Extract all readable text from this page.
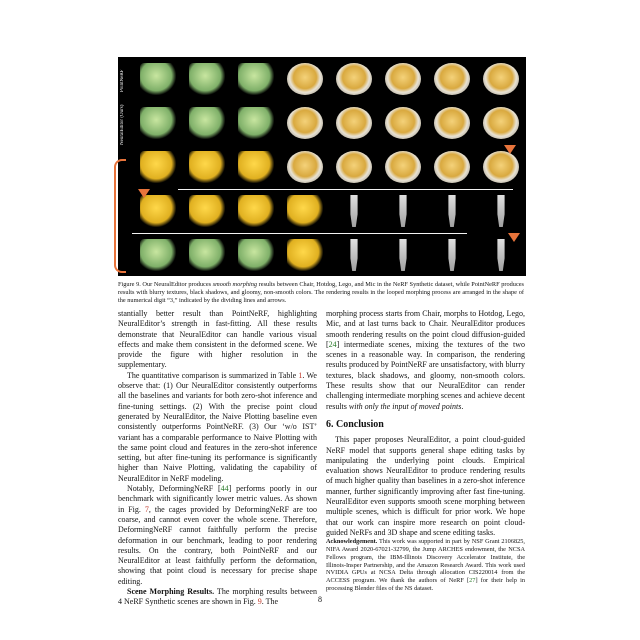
PointNeRF
NeuralEditor (Ours)
Figure 9. Our NeuralEditor produces smooth morphing results between Chair, Hotdog, Lego, and Mic in the NeRF Synthetic dataset, while PointNeRF produces results with blurry textures, black shadows, and gloomy, non-smooth colors. The rendering results in the looped morphing process are arranged in the shape of the numerical digit “3,” indicated by the dividing lines and arrows.

stantially better result than PointNeRF, highlighting NeuralEditor’s strength in fast-fitting. All these results demonstrate that NeuralEditor can handle various visual effects and make them consistent in the deformed scene. We provide the figure with higher resolution in the supplementary.

The quantitative comparison is summarized in Table 1. We observe that: (1) Our NeuralEditor consistently outperforms all the baselines and variants for both zero-shot inference and fine-tuning settings. (2) With the precise point cloud generated by NeuralEditor, the Naive Plotting baseline even consistently outperforms PointNeRF. (3) Our ‘w/o IST’ variant has a comparable performance to Naive Plotting with the same point cloud and features in the zero-shot inference setting, but after fine-tuning its performance is significantly higher than Naive Plotting, validating the capability of NeuralEditor in NeRF modeling.

Notably, DeformingNeRF [44] performs poorly in our benchmark with significantly lower metric values. As shown in Fig. 7, the cages provided by DeformingNeRF are too coarse, and cannot even cover the whole scene. Therefore, DeformingNeRF cannot faithfully perform the precise deformation in our benchmark, leading to poor rendering results. On the contrary, both PointNeRF and our NeuralEditor at least faithfully perform the deformation, showing that point cloud is necessary for precise shape editing.

Scene Morphing Results. The morphing results between 4 NeRF Synthetic scenes are shown in Fig. 9. The

morphing process starts from Chair, morphs to Hotdog, Lego, Mic, and at last turns back to Chair. NeuralEditor produces smooth rendering results on the point cloud diffusion-guided [24] intermediate scenes, mixing the textures of the two scenes in a reasonable way. In comparison, the rendering results produced by PointNeRF are unsatisfactory, with blurry textures, black shadows, and gloomy, non-smooth colors. These results show that our NeuralEditor can render challenging intermediate morphing scenes and achieve decent results with only the input of moved points.

6. Conclusion

This paper proposes NeuralEditor, a point cloud-guided NeRF model that supports general shape editing tasks by manipulating the underlying point clouds. Empirical evaluation shows NeuralEditor to produce rendering results of much higher quality than baselines in a zero-shot inference manner, further significantly improving after fast fine-tuning. NeuralEditor even supports smooth scene morphing between multiple scenes, which is difficult for prior work. We hope that our work can inspire more research on point cloud-guided NeRFs and 3D shape and scene editing tasks.

Acknowledgement. This work was supported in part by NSF Grant 2106825, NIFA Award 2020-67021-32799, the Jump ARCHES endowment, the NCSA Fellows program, the IBM-Illinois Discovery Accelerator Institute, the Illinois-Insper Partnership, and the Amazon Research Award. This work used NVIDIA GPUs at NCSA Delta through allocation CIS220014 from the ACCESS program. We thank the authors of NeRF [27] for their help in processing Blender files of the NS dataset.

8
